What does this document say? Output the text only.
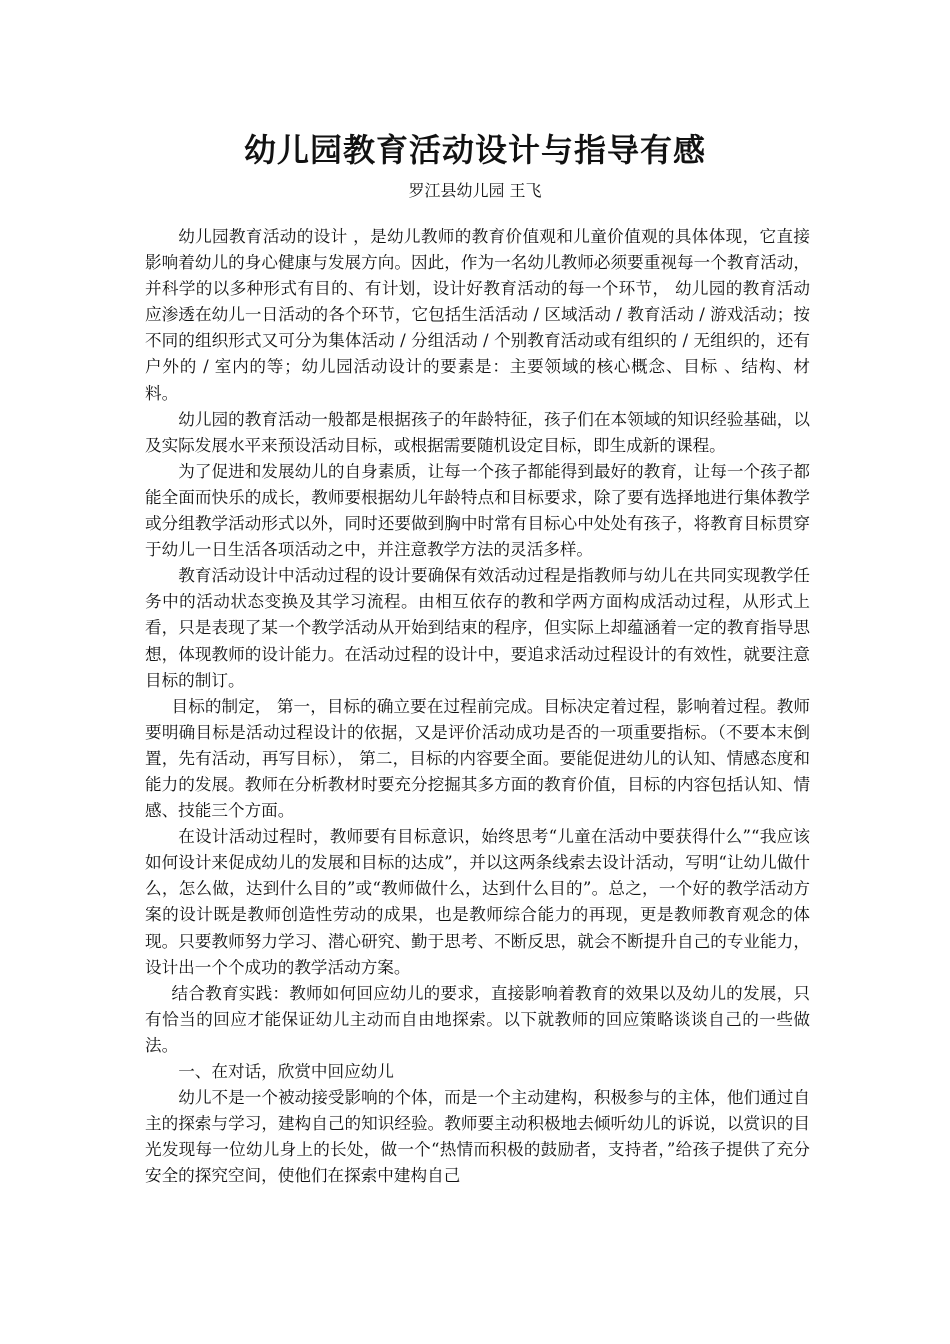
幼儿园教育活动设计与指导有感

罗江县幼儿园 王飞

幼儿园教育活动的设计 ，是幼儿教师的教育价值观和儿童价值观的具体体现，它直接影响着幼儿的身心健康与发展方向。因此，作为一名幼儿教师必须要重视每一个教育活动，并科学的以多种形式有目的、有计划，设计好教育活动的每一个环节， 幼儿园的教育活动应渗透在幼儿一日活动的各个环节，它包括生活活动 / 区域活动 / 教育活动 / 游戏活动；按不同的组织形式又可分为集体活动 / 分组活动 / 个别教育活动或有组织的 / 无组织的，还有户外的 / 室内的等；幼儿园活动设计的要素是：主要领域的核心概念、目标 、结构、材料。

幼儿园的教育活动一般都是根据孩子的年龄特征，孩子们在本领域的知识经验基础，以及实际发展水平来预设活动目标，或根据需要随机设定目标，即生成新的课程。

为了促进和发展幼儿的自身素质，让每一个孩子都能得到最好的教育，让每一个孩子都能全面而快乐的成长，教师要根据幼儿年龄特点和目标要求，除了要有选择地进行集体教学或分组教学活动形式以外，同时还要做到胸中时常有目标心中处处有孩子，将教育目标贯穿于幼儿一日生活各项活动之中，并注意教学方法的灵活多样。

教育活动设计中活动过程的设计要确保有效活动过程是指教师与幼儿在共同实现教学任务中的活动状态变换及其学习流程。由相互依存的教和学两方面构成活动过程，从形式上看，只是表现了某一个教学活动从开始到结束的程序，但实际上却蕴涵着一定的教育指导思想，体现教师的设计能力。在活动过程的设计中，要追求活动过程设计的有效性，就要注意目标的制订。

目标的制定， 第一，目标的确立要在过程前完成。目标决定着过程，影响着过程。教师要明确目标是活动过程设计的依据，又是评价活动成功是否的一项重要指标。（不要本末倒置，先有活动，再写目标）， 第二，目标的内容要全面。要能促进幼儿的认知、情感态度和能力的发展。教师在分析教材时要充分挖掘其多方面的教育价值，目标的内容包括认知、情感、技能三个方面。

在设计活动过程时，教师要有目标意识，始终思考“儿童在活动中要获得什么”“我应该如何设计来促成幼儿的发展和目标的达成”，并以这两条线索去设计活动，写明“让幼儿做什么，怎么做，达到什么目的”或“教师做什么，达到什么目的”。总之，一个好的教学活动方案的设计既是教师创造性劳动的成果，也是教师综合能力的再现，更是教师教育观念的体现。只要教师努力学习、潜心研究、勤于思考、不断反思，就会不断提升自己的专业能力，设计出一个个成功的教学活动方案。

结合教育实践：教师如何回应幼儿的要求，直接影响着教育的效果以及幼儿的发展，只有恰当的回应才能保证幼儿主动而自由地探索。以下就教师的回应策略谈谈自己的一些做法。

一、在对话，欣赏中回应幼儿

幼儿不是一个被动接受影响的个体，而是一个主动建构，积极参与的主体，他们通过自主的探索与学习，建构自己的知识经验。教师要主动积极地去倾听幼儿的诉说，以赏识的目光发现每一位幼儿身上的长处，做一个“热情而积极的鼓励者，支持者，”给孩子提供了充分安全的探究空间，使他们在探索中建构自己
